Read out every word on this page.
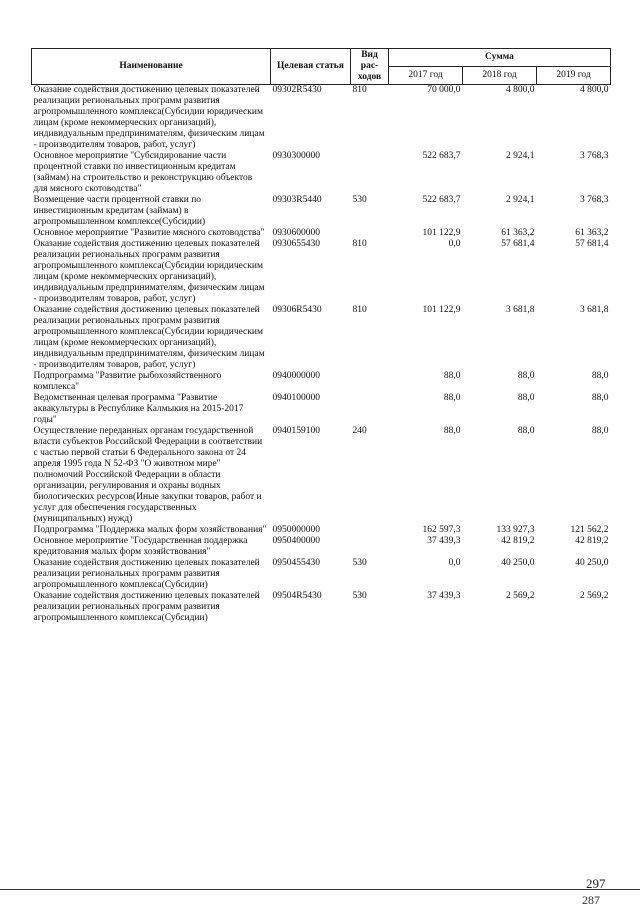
Наименование	Целевая статья	Вид рас-ходов	Сумма		
			2017 год	2018 год	2019 год
Оказание содействия достижению целевых показателей реализации региональных программ развития агропромышленного комплекса(Субсидии юридическим лицам (кроме некоммерческих организаций), индивидуальным предпринимателям, физическим лицам - производителям товаров, работ, услуг)	09302R5430	810	70 000,0	4 800,0	4 800,0
Основное мероприятие "Субсидирование части процентной ставки по инвестиционным кредитам (займам) на строительство и реконструкцию объектов для мясного скотоводства"	0930300000		522 683,7	2 924,1	3 768,3
Возмещение части процентной ставки по инвестиционным кредитам (займам) в агропромышленном комплексе(Субсидии)	09303R5440	530	522 683,7	2 924,1	3 768,3
Основное мероприятие "Развитие мясного скотоводства"	0930600000		101 122,9	61 363,2	61 363,2
Оказание содействия достижению целевых показателей реализации региональных программ развития агропромышленного комплекса(Субсидии юридическим лицам (кроме некоммерческих организаций), индивидуальным предпринимателям, физическим лицам - производителям товаров, работ, услуг)	0930655430	810	0,0	57 681,4	57 681,4
Оказание содействия достижению целевых показателей реализации региональных программ развития агропромышленного комплекса(Субсидии юридическим лицам (кроме некоммерческих организаций), индивидуальным предпринимателям, физическим лицам - производителям товаров, работ, услуг)	09306R5430	810	101 122,9	3 681,8	3 681,8
Подпрограмма "Развитие рыбохозяйственного комплекса"	0940000000		88,0	88,0	88,0
Ведомственная целевая программа "Развитие аквакультуры в Республике Калмыкия на 2015-2017 годы"	0940100000		88,0	88,0	88,0
Осуществление переданных органам государственной власти субъектов Российской Федерации в соответствии с частью первой статьи 6 Федерального закона от 24 апреля 1995 года N 52-ФЗ "О животном мире" полномочий Российской Федерации в области организации, регулирования и охраны водных биологических ресурсов(Иные закупки товаров, работ и услуг для обеспечения государственных (муниципальных) нужд)	0940159100	240	88,0	88,0	88,0
Подпрограмма "Поддержка малых форм хозяйствования"	0950000000		162 597,3	133 927,3	121 562,2
Основное мероприятие "Государственная поддержка кредитования малых форм хозяйствования"	0950400000		37 439,3	42 819,2	42 819,2
Оказание содействия достижению целевых показателей реализации региональных программ развития агропромышленного комплекса(Субсидии)	0950455430	530	0,0	40 250,0	40 250,0
Оказание содействия достижению целевых показателей реализации региональных программ развития агропромышленного комплекса(Субсидии)	09504R5430	530	37 439,3	2 569,2	2 569,2
297
287
